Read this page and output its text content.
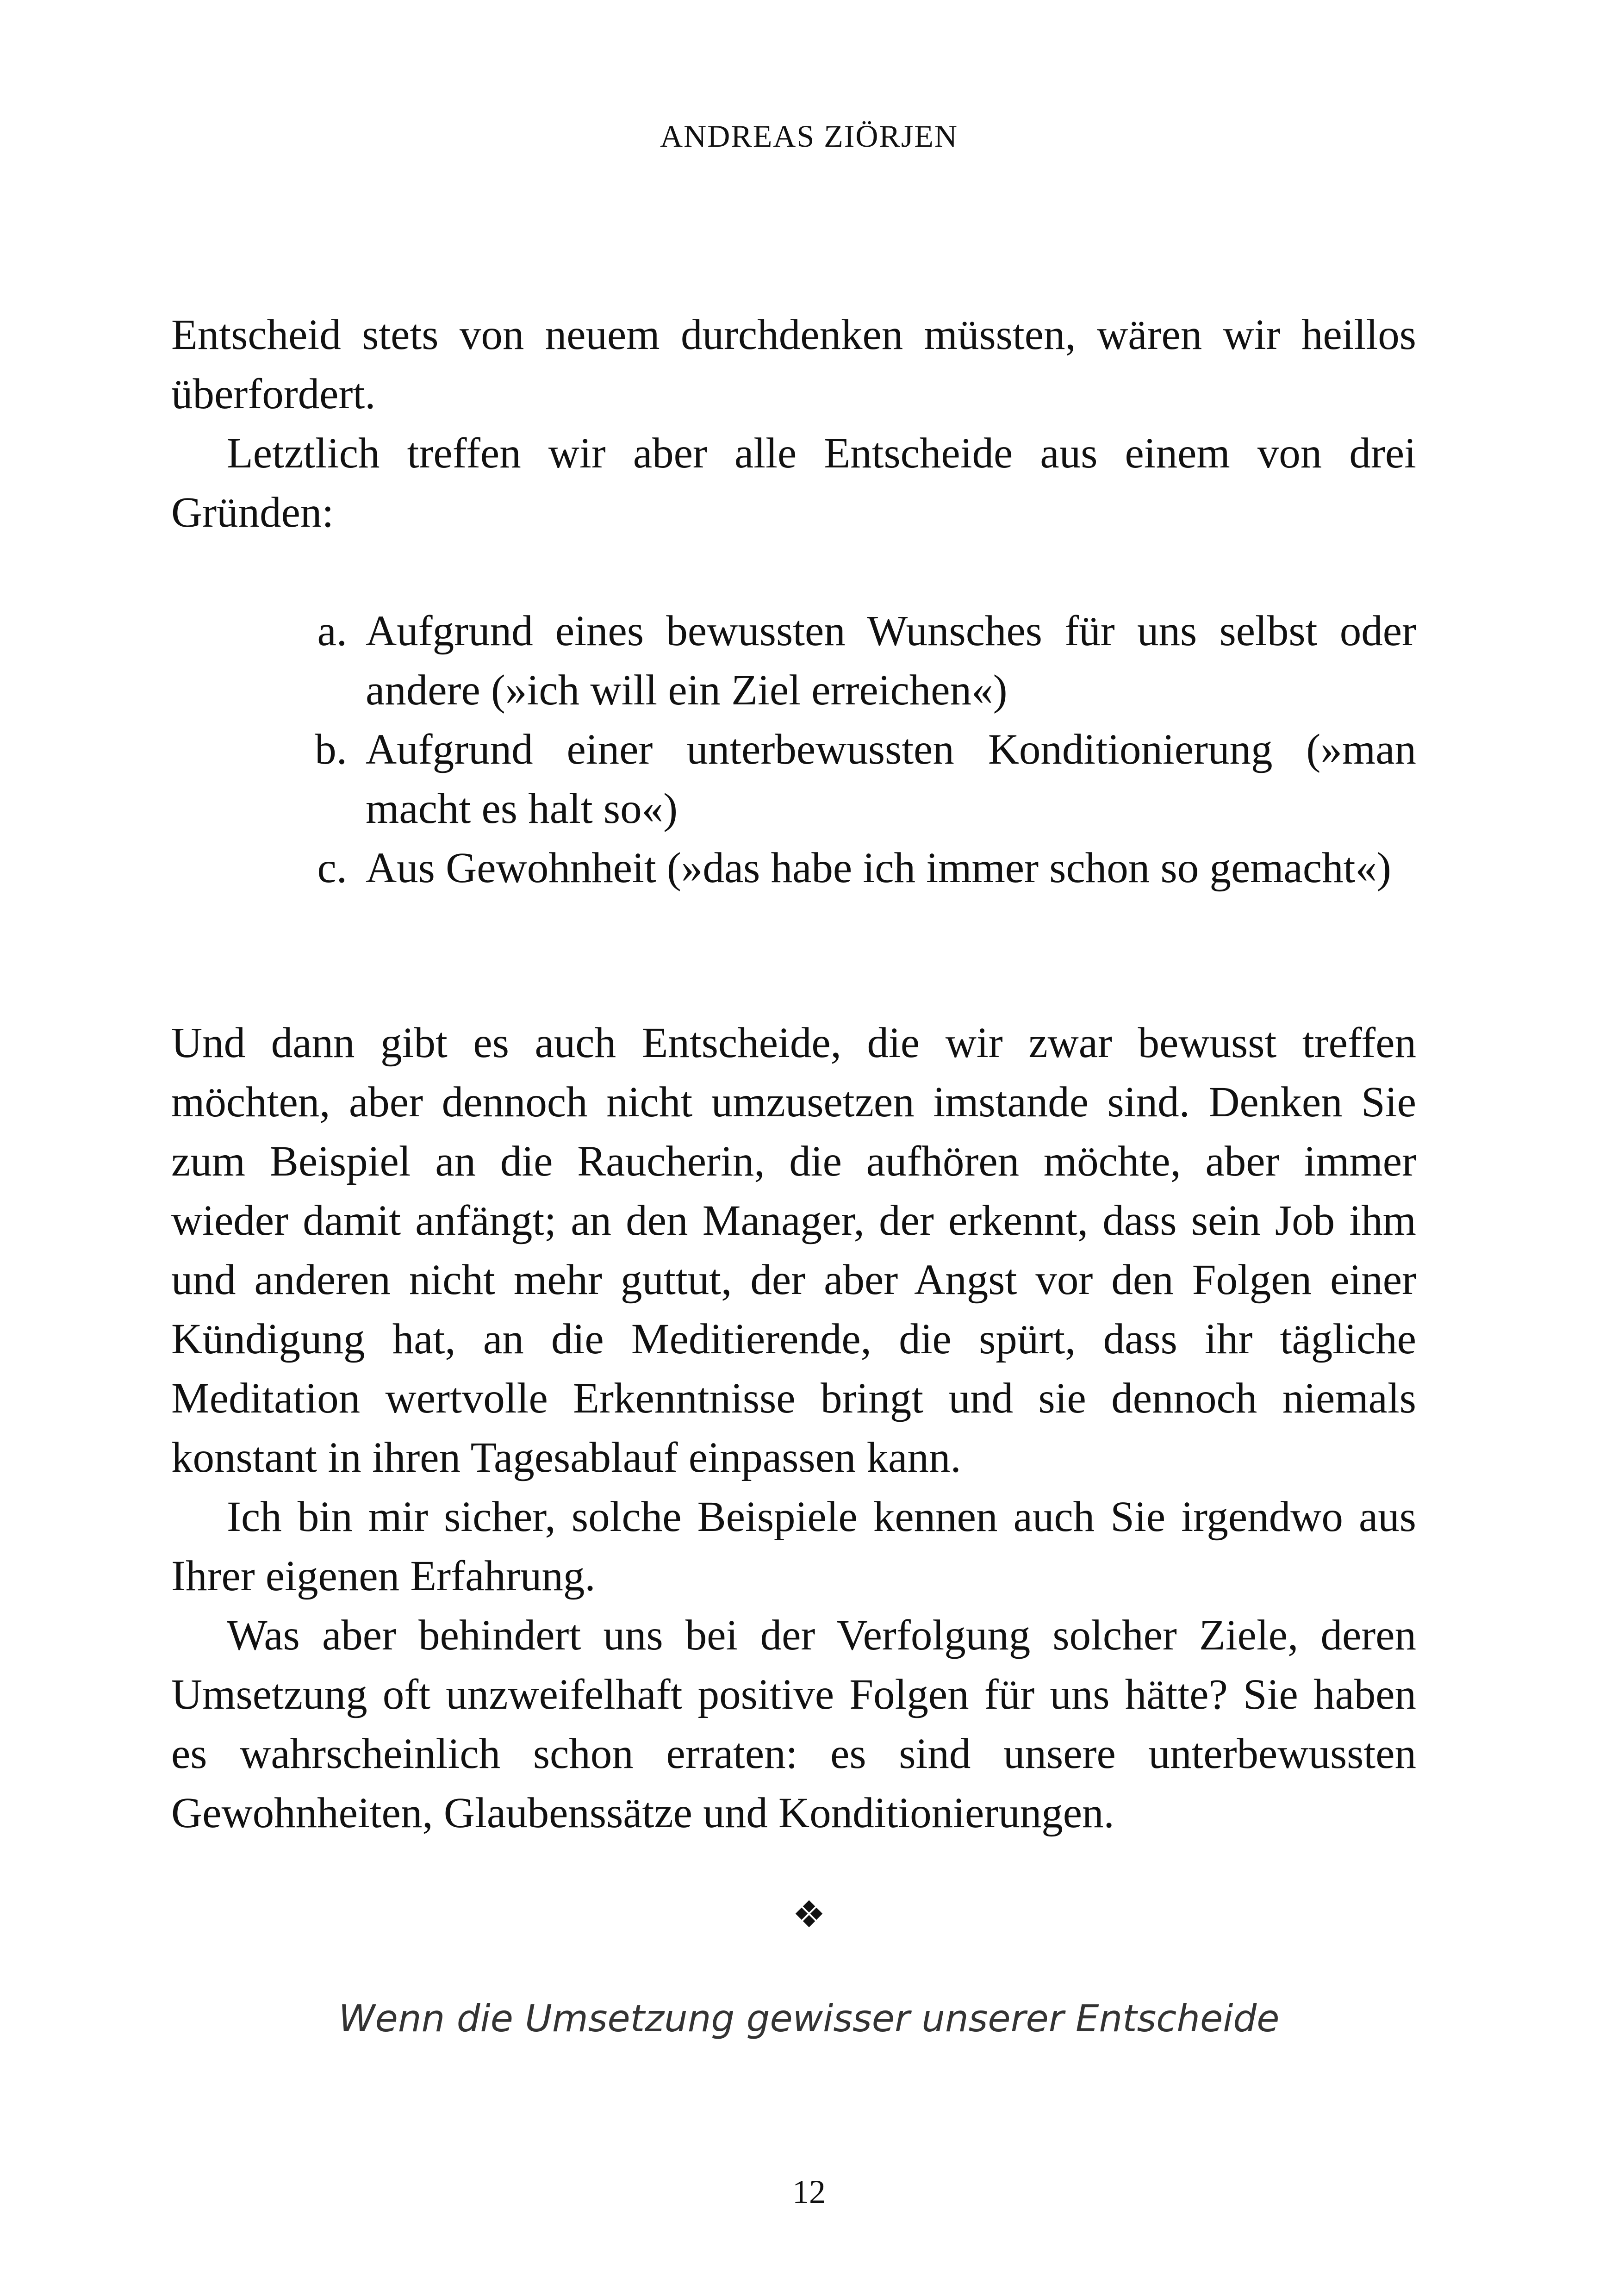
ANDREAS ZIÖRJEN

Entscheid stets von neuem durchdenken müssten, wären wir heillos überfordert.

Letztlich treffen wir aber alle Entscheide aus einem von drei Gründen:

a. Aufgrund eines bewussten Wunsches für uns selbst oder andere (»ich will ein Ziel erreichen«)
b. Aufgrund einer unterbewussten Konditionierung (»man macht es halt so«)
c. Aus Gewohnheit (»das habe ich immer schon so gemacht«)

Und dann gibt es auch Entscheide, die wir zwar bewusst treffen möchten, aber dennoch nicht umzusetzen imstande sind. Denken Sie zum Beispiel an die Raucherin, die aufhören möchte, aber immer wieder damit anfängt; an den Manager, der erkennt, dass sein Job ihm und anderen nicht mehr guttut, der aber Angst vor den Folgen einer Kündigung hat, an die Meditierende, die spürt, dass ihr tägliche Meditation wertvolle Erkenntnisse bringt und sie dennoch niemals konstant in ihren Tagesablauf einpassen kann.

Ich bin mir sicher, solche Beispiele kennen auch Sie irgendwo aus Ihrer eigenen Erfahrung.

Was aber behindert uns bei der Verfolgung solcher Ziele, deren Umsetzung oft unzweifelhaft positive Folgen für uns hätte? Sie haben es wahrscheinlich schon erraten: es sind unsere unterbewussten Gewohnheiten, Glaubenssätze und Konditionierungen.

❖
Wenn die Umsetzung gewisser unserer Entscheide
12
